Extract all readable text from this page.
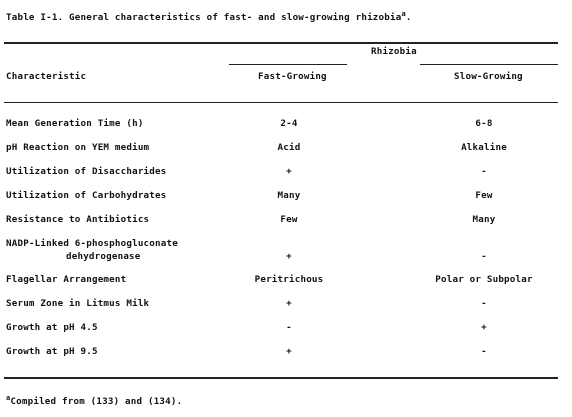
Table I-1. General characteristics of fast- and slow-growing rhizobia$^a$.
Rhizobia
Characteristic	Fast-Growing	Slow-Growing
Mean Generation Time (h)	2-4	6-8
pH Reaction on YEM medium	Acid	Alkaline
Utilization of Disaccharides	+	-
Utilization of Carbohydrates	Many	Few
Resistance to Antibiotics	Few	Many
NADP-Linked 6-phosphogluconate
dehydrogenase	+	-
Flagellar Arrangement	Peritrichous	Polar or Subpolar
Serum Zone in Litmus Milk	+	-
Growth at pH 4.5	-	+
Growth at pH 9.5	+	-
$^a$Compiled from (133) and (134).
